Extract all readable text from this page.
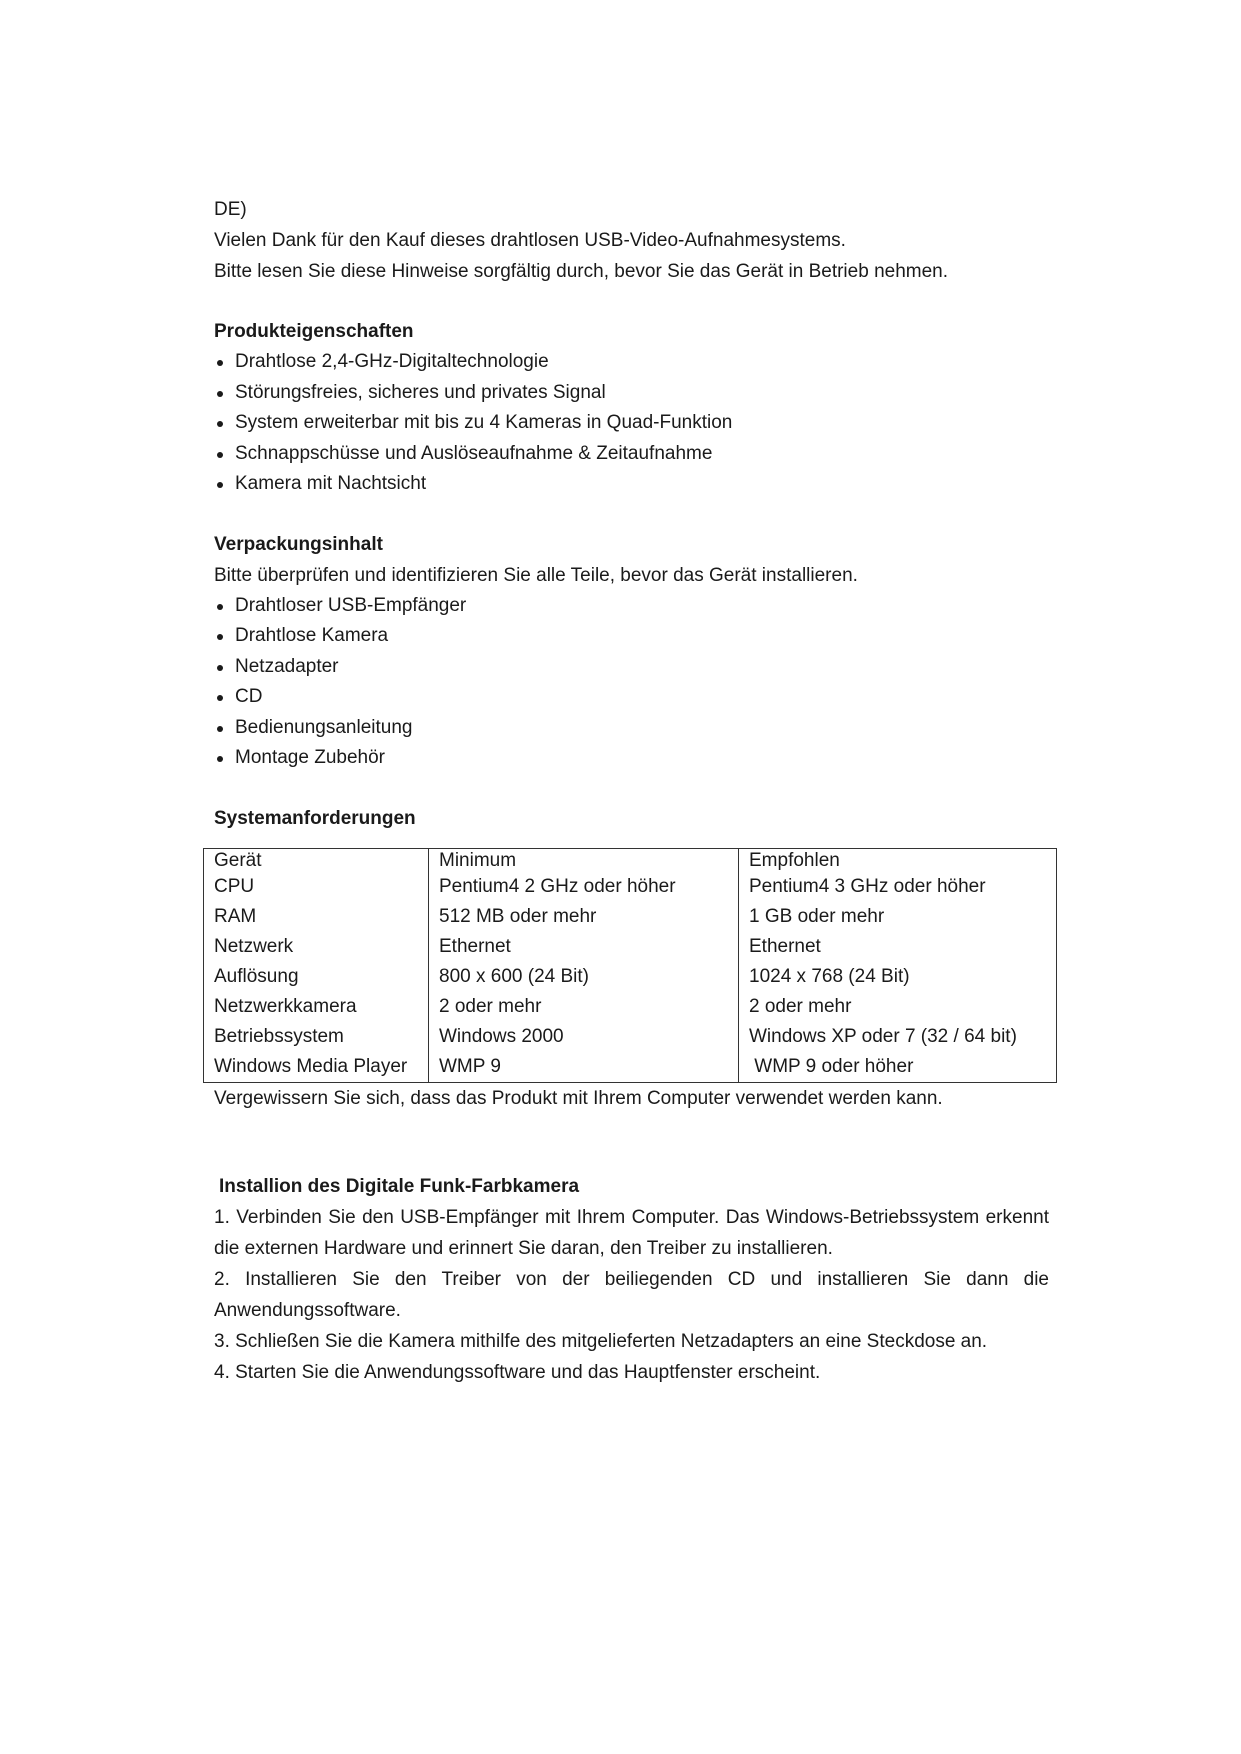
DE)

Vielen Dank für den Kauf dieses drahtlosen USB-Video-Aufnahmesystems.

Bitte lesen Sie diese Hinweise sorgfältig durch, bevor Sie das Gerät in Betrieb nehmen.

Produkteigenschaften

Drahtlose 2,4-GHz-Digitaltechnologie
Störungsfreies, sicheres und privates Signal
System erweiterbar mit bis zu 4 Kameras in Quad-Funktion
Schnappschüsse und Auslöseaufnahme & Zeitaufnahme
Kamera mit Nachtsicht

Verpackungsinhalt

Bitte überprüfen und identifizieren Sie alle Teile, bevor das Gerät installieren.

Drahtloser USB-Empfänger
Drahtlose Kamera
Netzadapter
CD
Bedienungsanleitung
Montage Zubehör

Systemanforderungen

Gerät	Minimum	Empfohlen
CPU	Pentium4 2 GHz oder höher	Pentium4 3 GHz oder höher
RAM	512 MB oder mehr	1 GB oder mehr
Netzwerk	Ethernet	Ethernet
Auflösung	800 x 600 (24 Bit)	1024 x 768 (24 Bit)
Netzwerkkamera	2 oder mehr	2 oder mehr
Betriebssystem	Windows 2000	Windows XP oder 7 (32 / 64 bit)
Windows Media Player	WMP 9	WMP 9 oder höher

Vergewissern Sie sich, dass das Produkt mit Ihrem Computer verwendet werden kann.

Installion des Digitale Funk-Farbkamera

1. Verbinden Sie den USB-Empfänger mit Ihrem Computer. Das Windows-Betriebssystem erkennt die externen Hardware und erinnert Sie daran, den Treiber zu installieren.

2. Installieren Sie den Treiber von der beiliegenden CD und installieren Sie dann die Anwendungssoftware.

3. Schließen Sie die Kamera mithilfe des mitgelieferten Netzadapters an eine Steckdose an.

4. Starten Sie die Anwendungssoftware und das Hauptfenster erscheint.
